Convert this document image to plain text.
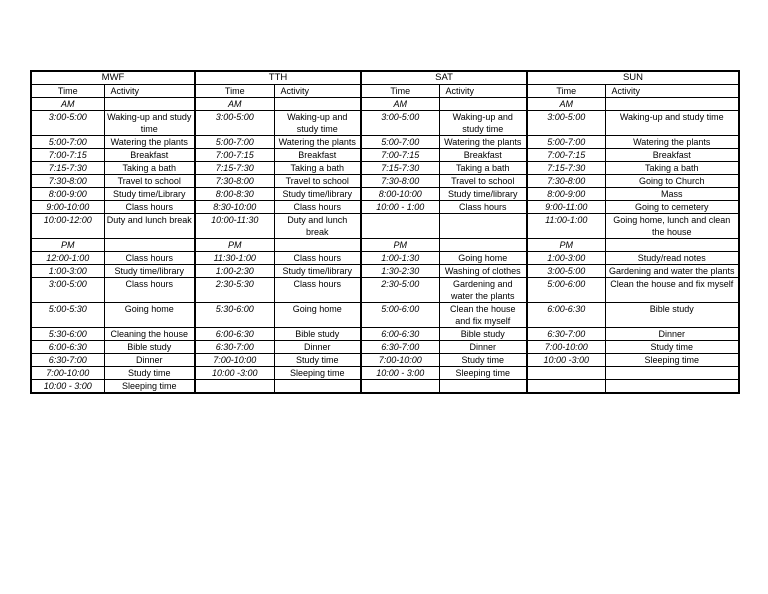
MWF		TTH		SAT		SUN	
Time	Activity	Time	Activity	Time	Activity	Time	Activity
AM		AM		AM		AM	
3:00-5:00	Waking-up and study time	3:00-5:00	Waking-up and study time	3:00-5:00	Waking-up and study time	3:00-5:00	Waking-up and study time
5:00-7:00	Watering the plants	5:00-7:00	Watering the plants	5:00-7:00	Watering the plants	5:00-7:00	Watering the plants
7:00-7:15	Breakfast	7:00-7:15	Breakfast	7:00-7:15	Breakfast	7:00-7:15	Breakfast
7:15-7:30	Taking a bath	7:15-7:30	Taking a bath	7:15-7:30	Taking a bath	7:15-7:30	Taking a bath
7:30-8:00	Travel to school	7:30-8:00	Travel to school	7:30-8:00	Travel to school	7:30-8:00	Going to Church
8:00-9:00	Study time/Library	8:00-8:30	Study time/library	8:00-10:00	Study time/library	8:00-9:00	Mass
9:00-10:00	Class hours	8:30-10:00	Class hours	10:00 - 1:00	Class hours	9:00-11:00	Going to cemetery
10:00-12:00	Duty and lunch break	10:00-11:30	Duty and lunch break			11:00-1:00	Going home, lunch and clean the house
PM		PM		PM		PM	
12:00-1:00	Class hours	11:30-1:00	Class hours	1:00-1:30	Going home	1:00-3:00	Study/read notes
1:00-3:00	Study time/library	1:00-2:30	Study time/library	1:30-2:30	Washing of clothes	3:00-5:00	Gardening and water the plants
3:00-5:00	Class hours	2:30-5:30	Class hours	2:30-5:00	Gardening and water the plants	5:00-6:00	Clean the house and fix myself
5:00-5:30	Going home	5:30-6:00	Going home	5:00-6:00	Clean the house and fix myself	6:00-6:30	Bible study
5:30-6:00	Cleaning the house	6:00-6:30	Bible study	6:00-6:30	Bible study	6:30-7:00	Dinner
6:00-6:30	Bible study	6:30-7:00	Dinner	6:30-7:00	Dinner	7:00-10:00	Study time
6:30-7:00	Dinner	7:00-10:00	Study time	7:00-10:00	Study time	10:00 -3:00	Sleeping time
7:00-10:00	Study time	10:00 -3:00	Sleeping time	10:00 - 3:00	Sleeping time		
10:00 - 3:00	Sleeping time						
